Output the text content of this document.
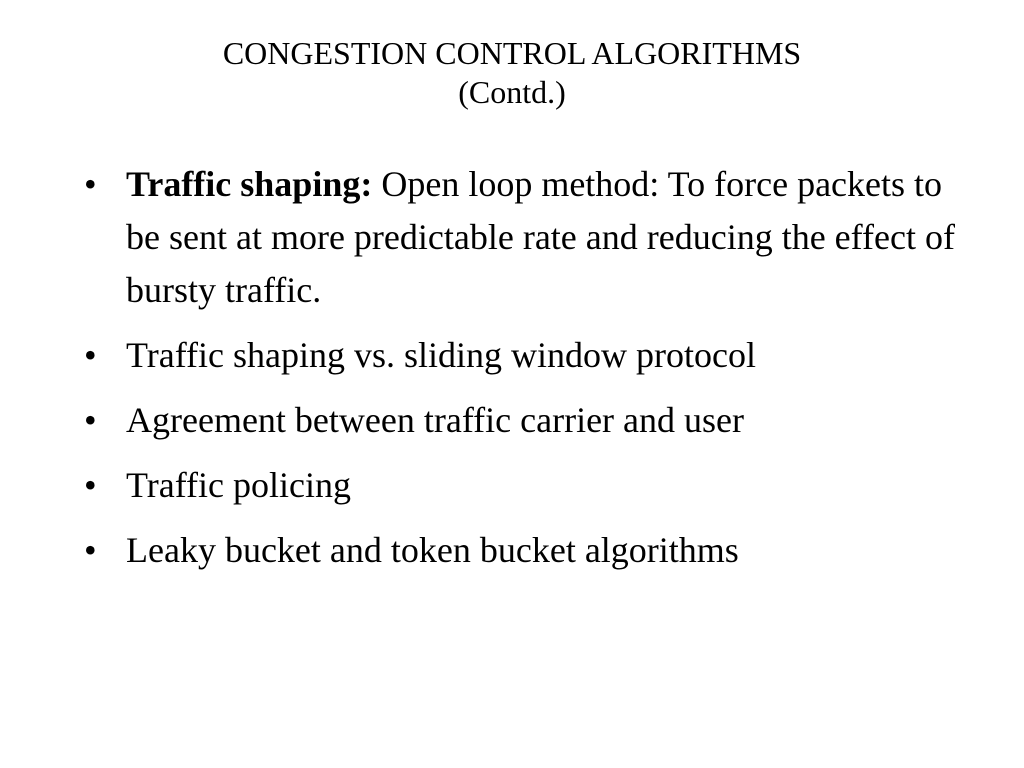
CONGESTION CONTROL ALGORITHMS
(Contd.)
• Traffic shaping: Open loop method: To force packets to be sent at more predictable rate and reducing the effect of bursty traffic.
• Traffic shaping vs. sliding window protocol
• Agreement between traffic carrier and user
• Traffic policing
• Leaky bucket and token bucket algorithms
